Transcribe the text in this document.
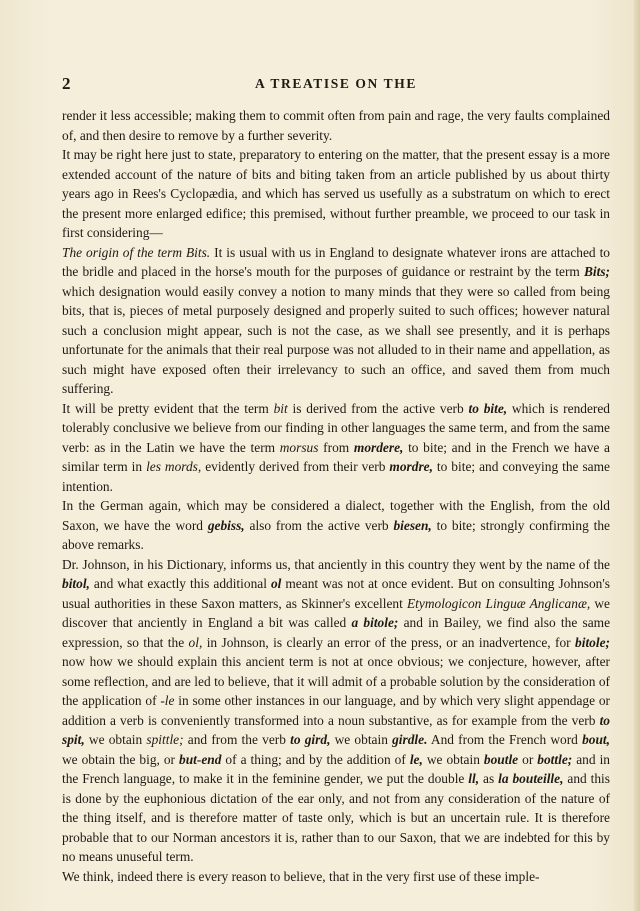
2	A TREATISE ON THE

render it less accessible; making them to commit often from pain and rage, the very faults complained of, and then desire to remove by a further severity.

It may be right here just to state, preparatory to entering on the matter, that the present essay is a more extended account of the nature of bits and biting taken from an article published by us about thirty years ago in Rees's Cyclopædia, and which has served us usefully as a substratum on which to erect the present more enlarged edifice; this premised, without further preamble, we proceed to our task in first considering—

The origin of the term Bits. It is usual with us in England to designate whatever irons are attached to the bridle and placed in the horse's mouth for the purposes of guidance or restraint by the term Bits; which designation would easily convey a notion to many minds that they were so called from being bits, that is, pieces of metal purposely designed and properly suited to such offices; however natural such a conclusion might appear, such is not the case, as we shall see presently, and it is perhaps unfortunate for the animals that their real purpose was not alluded to in their name and appellation, as such might have exposed often their irrelevancy to such an office, and saved them from much suffering.

It will be pretty evident that the term bit is derived from the active verb to bite, which is rendered tolerably conclusive we believe from our finding in other languages the same term, and from the same verb: as in the Latin we have the term morsus from mordere, to bite; and in the French we have a similar term in les mords, evidently derived from their verb mordre, to bite; and conveying the same intention.

In the German again, which may be considered a dialect, together with the English, from the old Saxon, we have the word gebiss, also from the active verb biesen, to bite; strongly confirming the above remarks.

Dr. Johnson, in his Dictionary, informs us, that anciently in this country they went by the name of the bitol, and what exactly this additional ol meant was not at once evident. But on consulting Johnson's usual authorities in these Saxon matters, as Skinner's excellent Etymologicon Linguæ Anglicanæ, we discover that anciently in England a bit was called a bitole; and in Bailey, we find also the same expression, so that the ol, in Johnson, is clearly an error of the press, or an inadvertence, for bitole; now how we should explain this ancient term is not at once obvious; we conjecture, however, after some reflection, and are led to believe, that it will admit of a probable solution by the consideration of the application of -le in some other instances in our language, and by which very slight appendage or addition a verb is conveniently transformed into a noun substantive, as for example from the verb to spit, we obtain spittle; and from the verb to gird, we obtain girdle. And from the French word bout, we obtain the big, or but-end of a thing; and by the addition of le, we obtain boutle or bottle; and in the French language, to make it in the feminine gender, we put the double ll, as la bouteille, and this is done by the euphonious dictation of the ear only, and not from any consideration of the nature of the thing itself, and is therefore matter of taste only, which is but an uncertain rule. It is therefore probable that to our Norman ancestors it is, rather than to our Saxon, that we are indebted for this by no means unuseful term.

We think, indeed there is every reason to believe, that in the very first use of these imple-
